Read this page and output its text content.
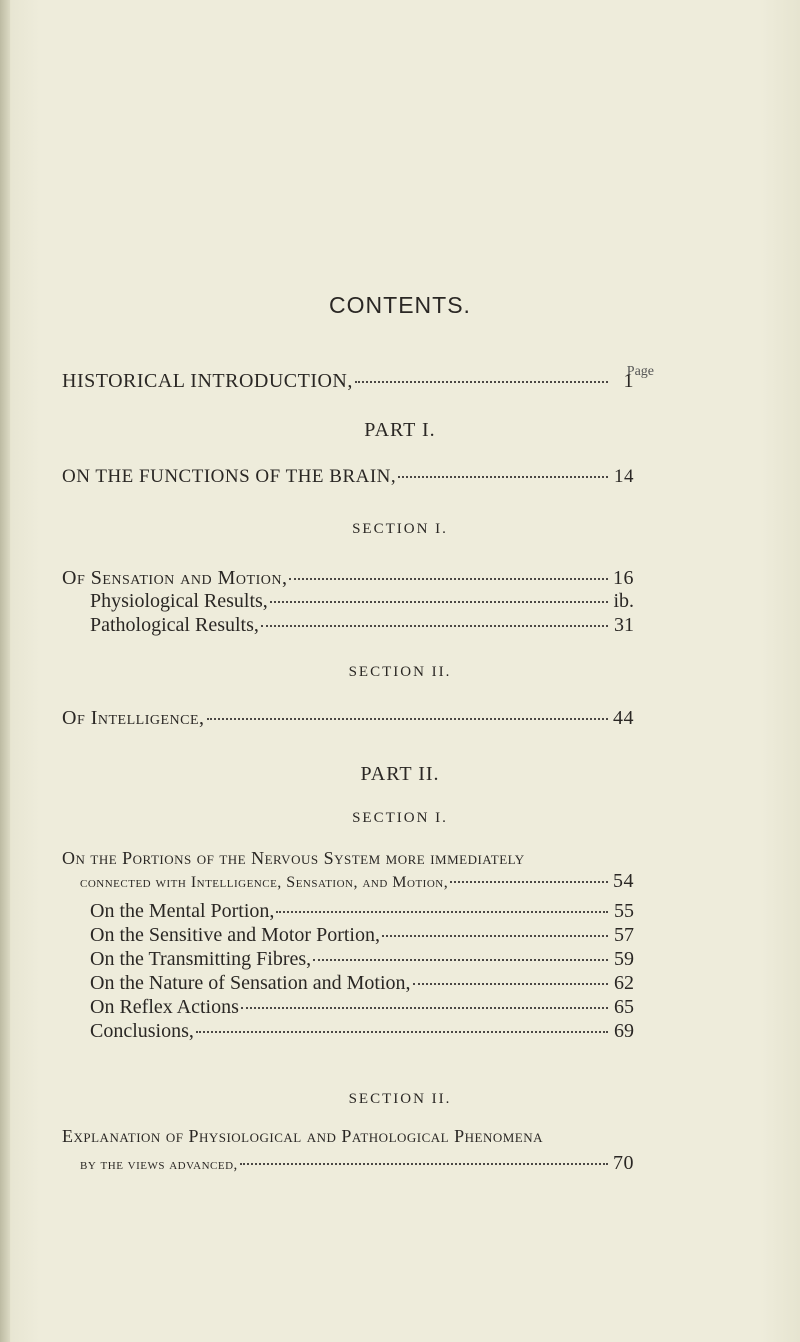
CONTENTS.
Page
HISTORICAL INTRODUCTION,	1
PART I.
ON THE FUNCTIONS OF THE BRAIN,	14
SECTION I.
Of Sensation and Motion,	16
Physiological Results,	ib.
Pathological Results,	31
SECTION II.
Of Intelligence,	44
PART II.
SECTION I.
On the Portions of the Nervous System more immediately
connected with Intelligence, Sensation, and Motion,	54
On the Mental Portion,	55
On the Sensitive and Motor Portion,	57
On the Transmitting Fibres,	59
On the Nature of Sensation and Motion,	62
On Reflex Actions	65
Conclusions,	69
SECTION II.
Explanation of Physiological and Pathological Phenomena
by the views advanced,	70
